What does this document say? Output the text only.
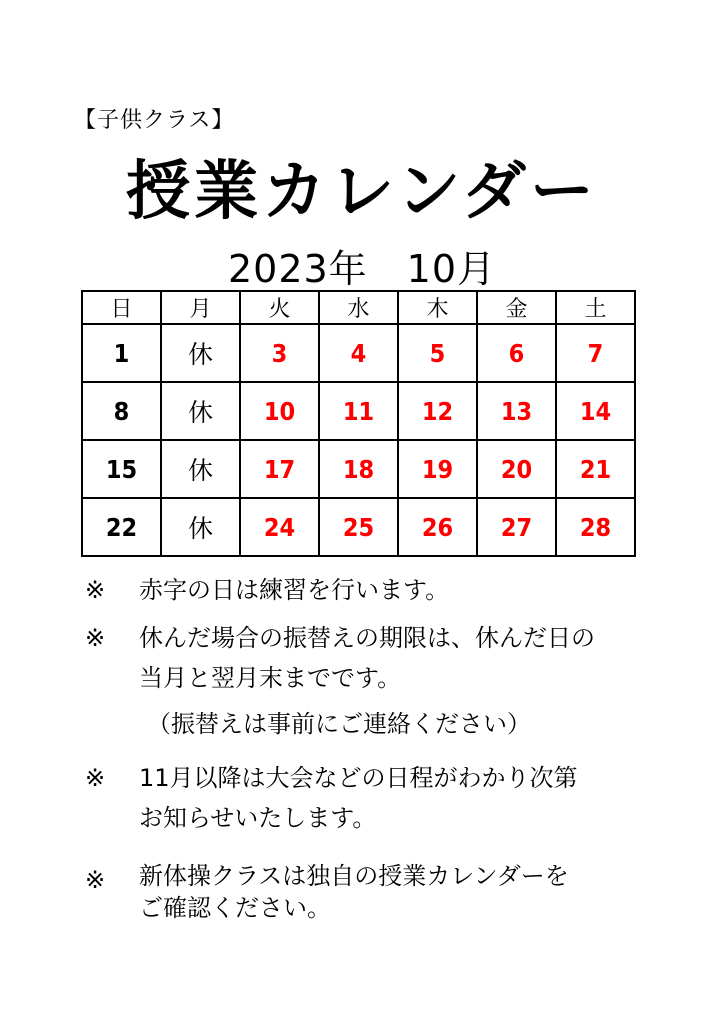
【子供クラス】
授業カレンダー
2023年　10月
日	月	火	水	木	金	土
1	休	3	4	5	6	7
8	休	10	11	12	13	14
15	休	17	18	19	20	21
22	休	24	25	26	27	28
※	赤字の日は練習を行います。
※	休んだ場合の振替えの期限は、休んだ日の
当月と翌月末までです。
（振替えは事前にご連絡ください）
※	11月以降は大会などの日程がわかり次第
お知らせいたします。
※	新体操クラスは独自の授業カレンダーを
ご確認ください。
